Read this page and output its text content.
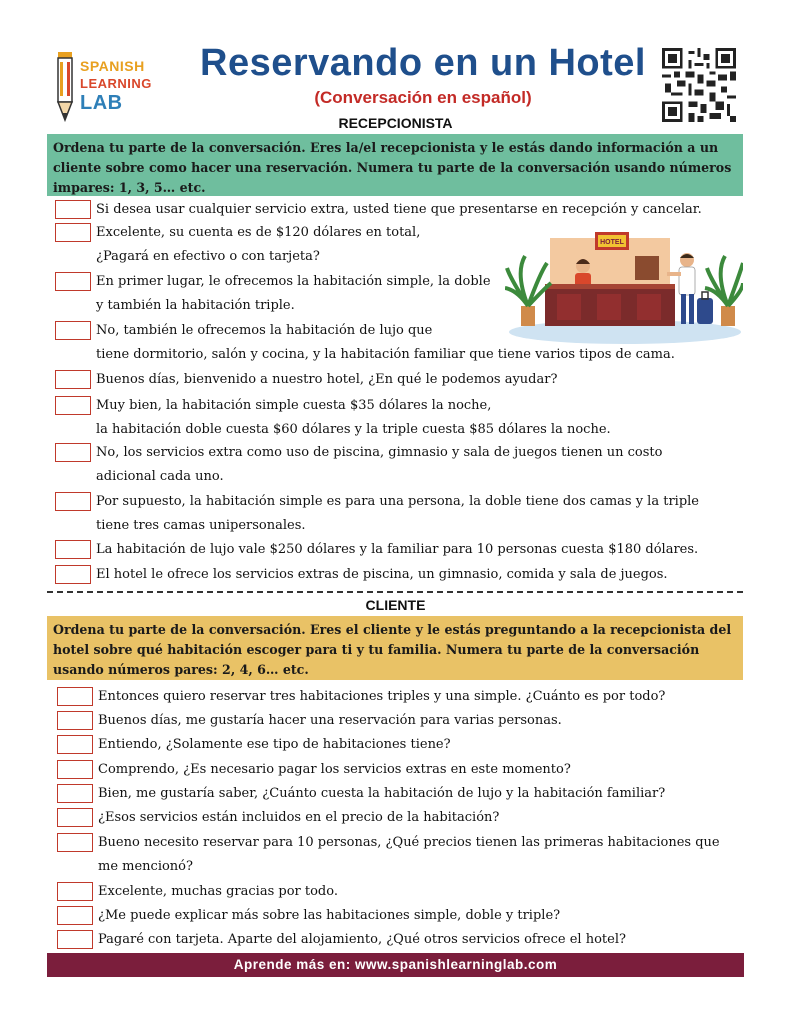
SPANISH
LEARNING
LAB
Reservando en un Hotel
(Conversación en español)
RECEPCIONISTA
Ordena tu parte de la conversación. Eres la/el recepcionista y le estás dando información a un cliente sobre como hacer una reservación. Numera tu parte de la conversación usando números impares: 1, 3, 5… etc.
Si desea usar cualquier servicio extra, usted tiene que presentarse en recepción y cancelar.
Excelente, su cuenta es de $120 dólares en total,
¿Pagará en efectivo o con tarjeta?
En primer lugar, le ofrecemos la habitación simple, la doble
y también la habitación triple.
No, también le ofrecemos la habitación de lujo que
tiene dormitorio, salón y cocina, y la habitación familiar que tiene varios tipos de cama.
Buenos días, bienvenido a nuestro hotel, ¿En qué le podemos ayudar?
Muy bien, la habitación simple cuesta $35 dólares la noche,
la habitación doble cuesta $60 dólares y la triple cuesta $85 dólares la noche.
No, los servicios extra como uso de piscina, gimnasio y sala de juegos tienen un costo
adicional cada uno.
Por supuesto, la habitación simple es para una persona, la doble tiene dos camas y la triple
tiene tres camas unipersonales.
La habitación de lujo vale $250 dólares y la familiar para 10 personas cuesta $180 dólares.
El hotel le ofrece los servicios extras de piscina, un gimnasio, comida y sala de juegos.
HOTEL
CLIENTE
Ordena tu parte de la conversación. Eres el cliente y le estás preguntando a la recepcionista del hotel sobre qué habitación escoger para ti y tu familia. Numera tu parte de la conversación usando números pares: 2, 4, 6… etc.
Entonces quiero reservar tres habitaciones triples y una simple. ¿Cuánto es por todo?
Buenos días, me gustaría hacer una reservación para varias personas.
Entiendo, ¿Solamente ese tipo de habitaciones tiene?
Comprendo, ¿Es necesario pagar los servicios extras en este momento?
Bien, me gustaría saber, ¿Cuánto cuesta la habitación de lujo y la habitación familiar?
¿Esos servicios están incluidos en el precio de la habitación?
Bueno necesito reservar para 10 personas, ¿Qué precios tienen las primeras habitaciones que
me mencionó?
Excelente, muchas gracias por todo.
¿Me puede explicar más sobre las habitaciones simple, doble y triple?
Pagaré con tarjeta. Aparte del alojamiento, ¿Qué otros servicios ofrece el hotel?
Aprende más en: www.spanishlearninglab.com
